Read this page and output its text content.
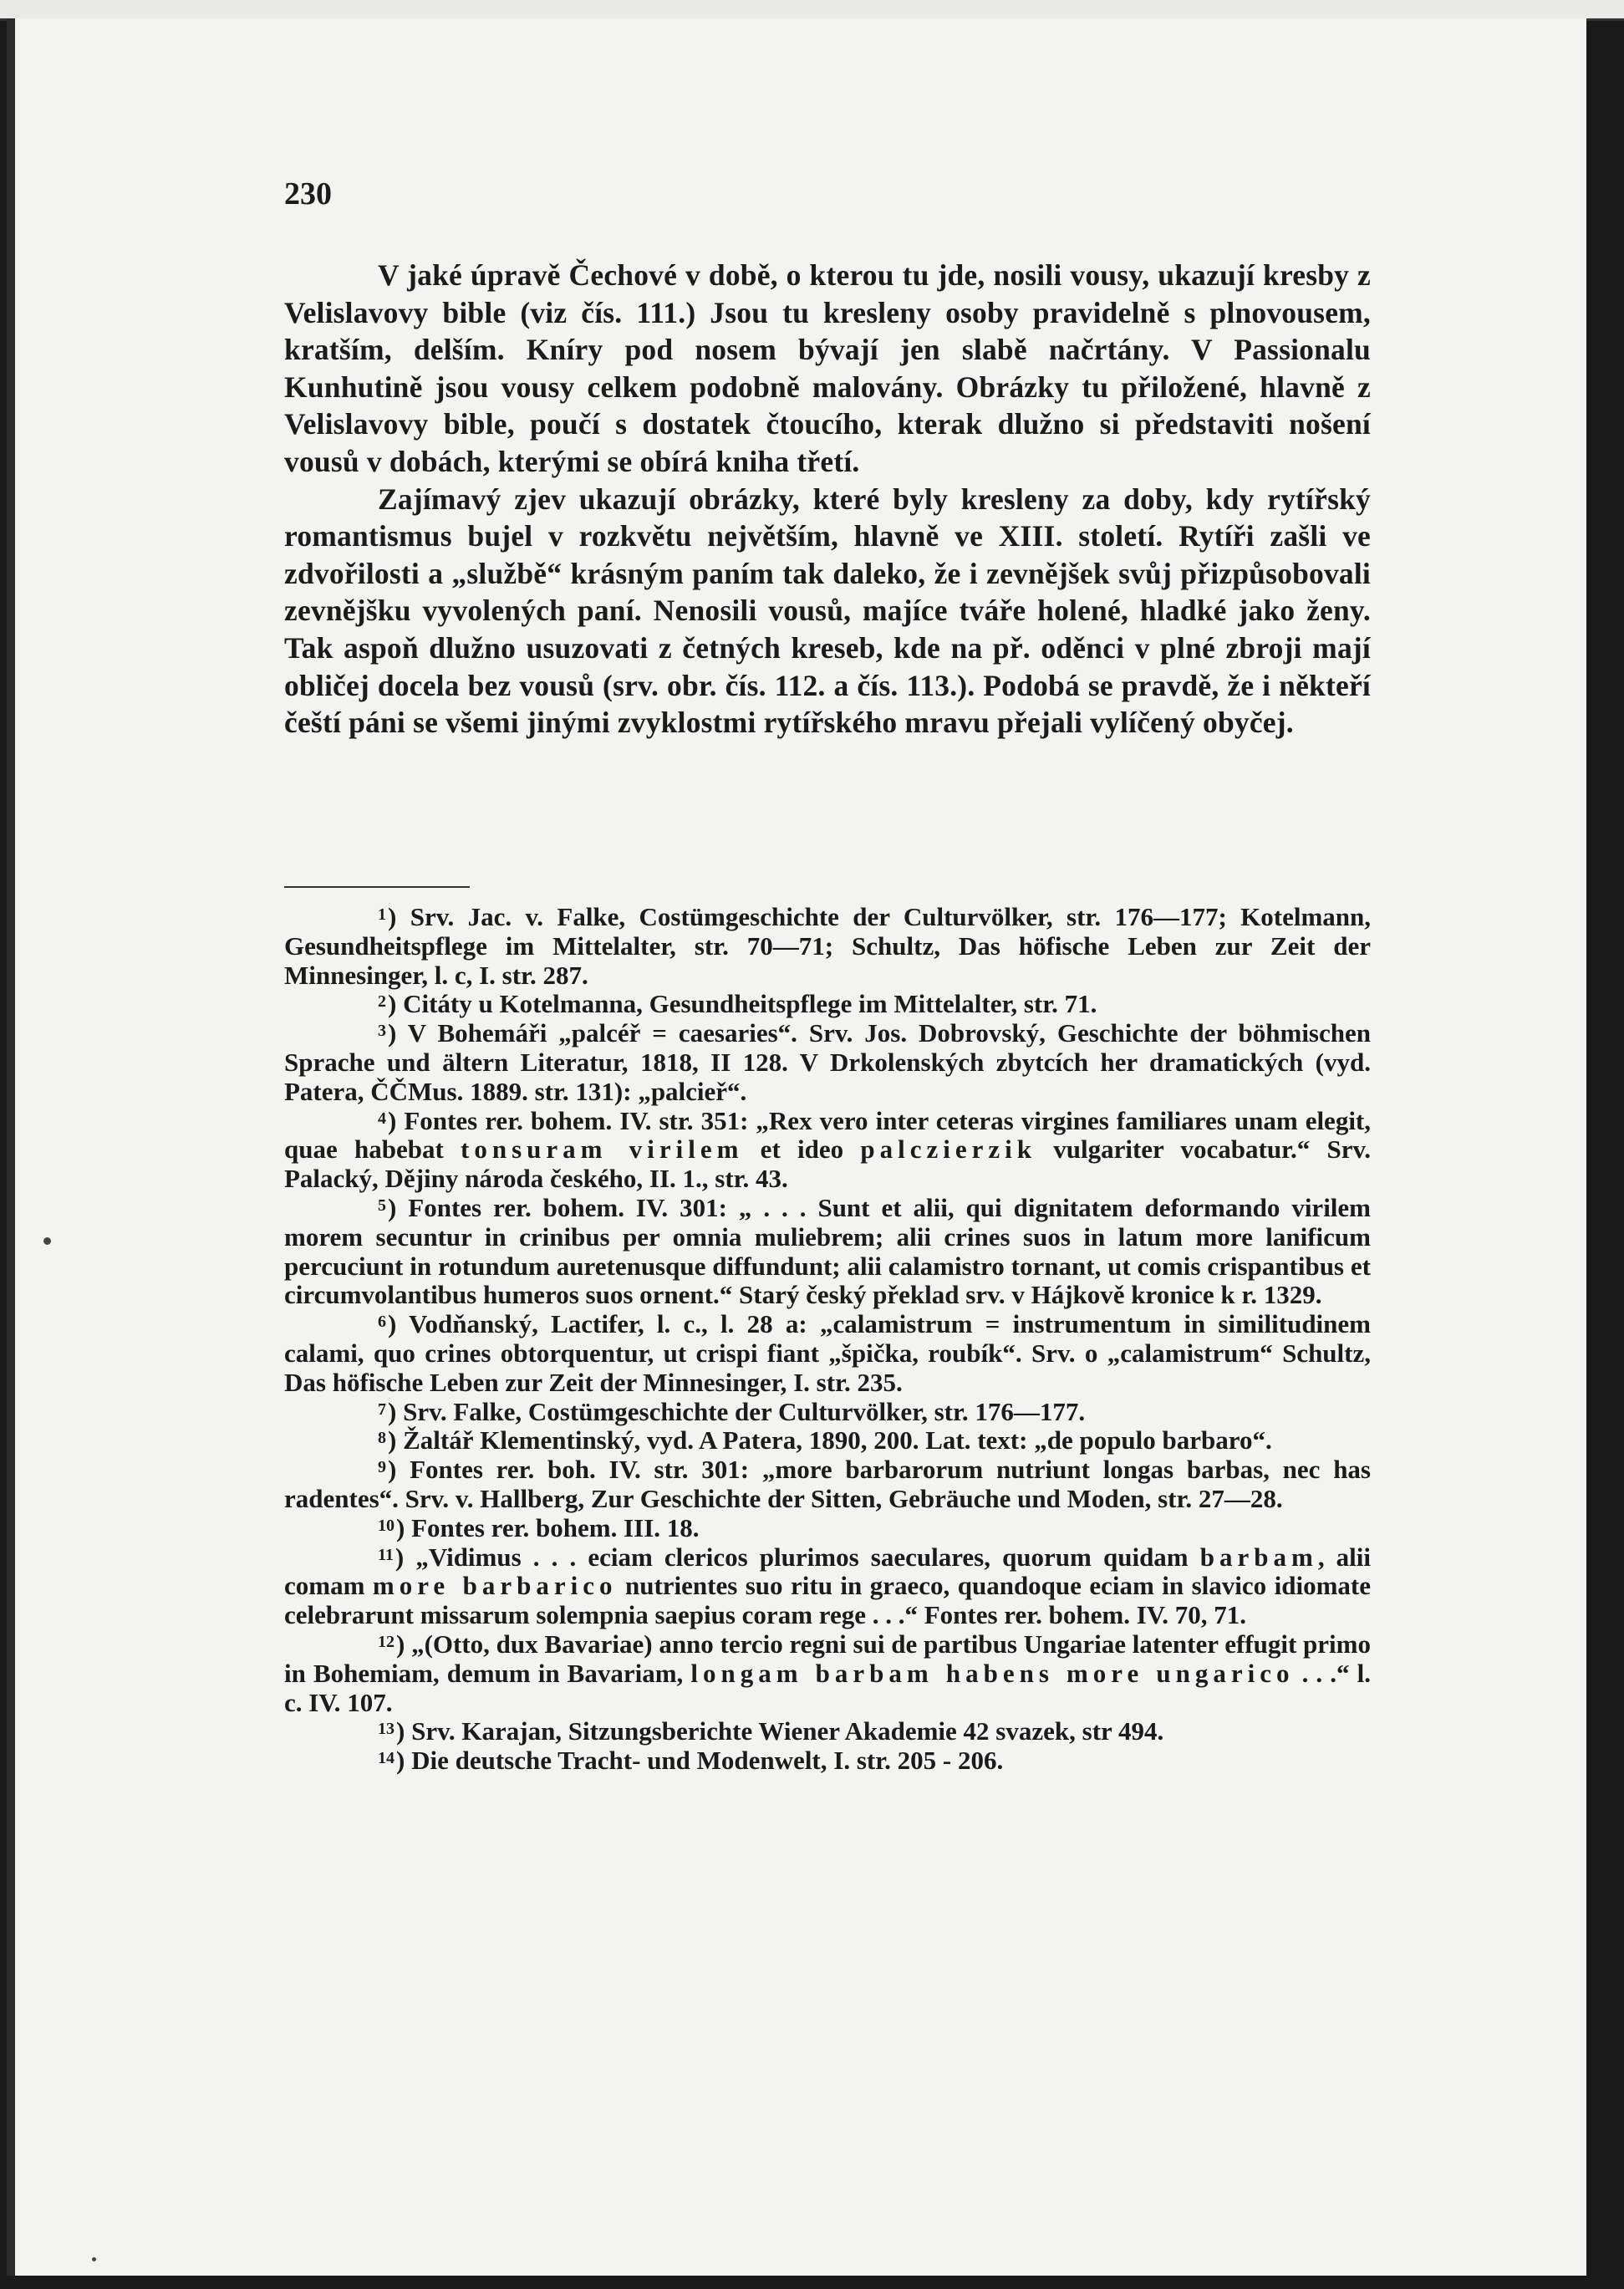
230

V jaké úpravě Čechové v době, o kterou tu jde, nosili vousy, ukazují kresby z Velislavovy bible (viz čís. 111.) Jsou tu kresleny osoby pravidelně s plnovousem, kratším, delším. Kníry pod nosem bývají jen slabě načrtány. V Passionalu Kunhutině jsou vousy celkem podobně malovány. Obrázky tu přiložené, hlavně z Velislavovy bible, poučí s dostatek čtoucího, kterak dlužno si představiti nošení vousů v dobách, kterými se obírá kniha třetí.

Zajímavý zjev ukazují obrázky, které byly kresleny za doby, kdy rytířský romantismus bujel v rozkvětu největším, hlavně ve XIII. století. Rytíři zašli ve zdvořilosti a „službě“ krásným paním tak daleko, že i zevnějšek svůj přizpůsobovali zevnějšku vyvolených paní. Nenosili vousů, majíce tváře holené, hladké jako ženy. Tak aspoň dlužno usuzovati z četných kreseb, kde na př. oděnci v plné zbroji mají obličej docela bez vousů (srv. obr. čís. 112. a čís. 113.). Podobá se pravdě, že i někteří čeští páni se všemi jinými zvyklostmi rytířského mravu přejali vylíčený obyčej.

$^1$) Srv. Jac. v. Falke, Costümgeschichte der Culturvölker, str. 176—177; Kotelmann, Gesundheitspflege im Mittelalter, str. 70—71; Schultz, Das höfische Leben zur Zeit der Minnesinger, l. c, I. str. 287.

$^2$) Citáty u Kotelmanna, Gesundheitspflege im Mittelalter, str. 71.

$^3$) V Bohemáři „palcéř = caesaries“. Srv. Jos. Dobrovský, Geschichte der böhmischen Sprache und ältern Literatur, 1818, II 128. V Drkolenských zbytcích her dramatických (vyd. Patera, ČČMus. 1889. str. 131): „palcieř“.

$^4$) Fontes rer. bohem. IV. str. 351: „Rex vero inter ceteras virgines familiares unam elegit, quae habebat tonsuram virilem et ideo palczierzik vulgariter vocabatur.“ Srv. Palacký, Dějiny národa českého, II. 1., str. 43.

$^5$) Fontes rer. bohem. IV. 301: „ . . . Sunt et alii, qui dignitatem deformando virilem morem secuntur in crinibus per omnia muliebrem; alii crines suos in latum more lanificum percuciunt in rotundum auretenusque diffundunt; alii calamistro tornant, ut comis crispantibus et circumvolantibus humeros suos ornent.“ Starý český překlad srv. v Hájkově kronice k r. 1329.

$^6$) Vodňanský, Lactifer, l. c., l. 28 a: „calamistrum = instrumentum in similitudinem calami, quo crines obtorquentur, ut crispi fiant „špička, roubík“. Srv. o „calamistrum“ Schultz, Das höfische Leben zur Zeit der Minnesinger, I. str. 235.

$^7$) Srv. Falke, Costümgeschichte der Culturvölker, str. 176—177.

$^8$) Žaltář Klementinský, vyd. A Patera, 1890, 200. Lat. text: „de populo barbaro“.

$^9$) Fontes rer. boh. IV. str. 301: „more barbarorum nutriunt longas barbas, nec has radentes“. Srv. v. Hallberg, Zur Geschichte der Sitten, Gebräuche und Moden, str. 27—28.

$^{10}$) Fontes rer. bohem. III. 18.

$^{11}$) „Vidimus . . . eciam clericos plurimos saeculares, quorum quidam barbam, alii comam more barbarico nutrientes suo ritu in graeco, quandoque eciam in slavico idiomate celebrarunt missarum solempnia saepius coram rege . . .“ Fontes rer. bohem. IV. 70, 71.

$^{12}$) „(Otto, dux Bavariae) anno tercio regni sui de partibus Ungariae latenter effugit primo in Bohemiam, demum in Bavariam, longam barbam habens more ungarico . . .“ l. c. IV. 107.

$^{13}$) Srv. Karajan, Sitzungsberichte Wiener Akademie 42 svazek, str 494.

$^{14}$) Die deutsche Tracht- und Modenwelt, I. str. 205 - 206.
